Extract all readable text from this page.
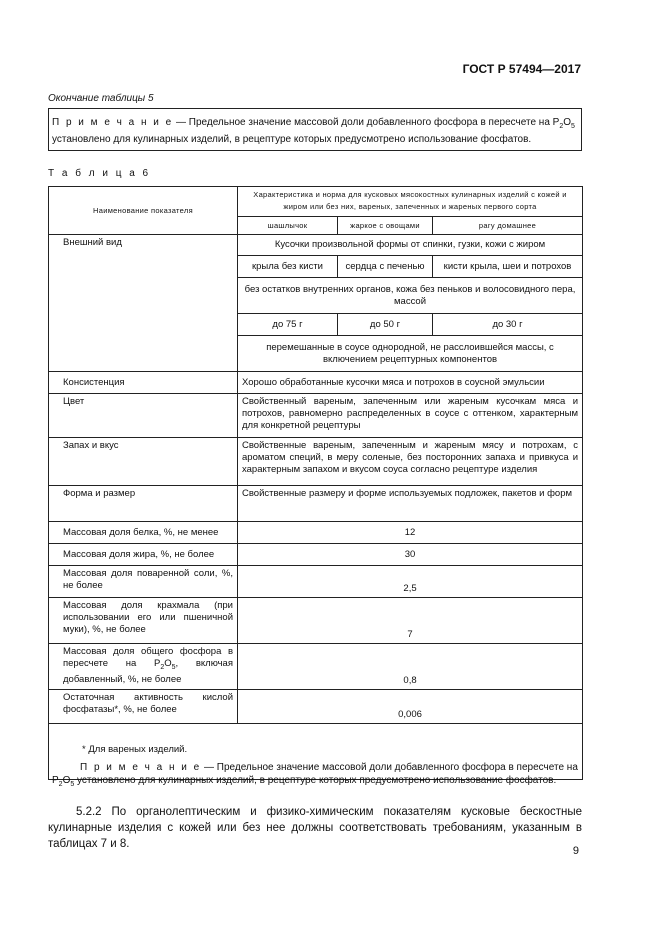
ГОСТ Р 57494—2017
Окончание таблицы 5
П р и м е ч а н и е — Предельное значение массовой доли добавленного фосфора в пересчете на $P_2O_5$ установлено для кулинарных изделий, в рецептуре которых предусмотрено использование фосфатов.
Т а б л и ц а 6
Наименование показателя	Характеристика и норма для кусковых мясокостных кулинарных изделий с кожей и жиром или без них, вареных, запеченных и жареных первого сорта		
	шашлычок	жаркое с овощами	рагу домашнее
Внешний вид	Кусочки произвольной формы от спинки, гузки, кожи с жиром		
	крыла без кисти	сердца с печенью	кисти крыла, шеи и потрохов
	без остатков внутренних органов, кожа без пеньков и волосовидного пера, массой		
	до 75 г	до 50 г	до 30 г
	перемешанные в соусе однородной, не расслоившейся массы, с включением рецептурных компонентов		
Консистенция	Хорошо обработанные кусочки мяса и потрохов в соусной эмульсии		
Цвет	Свойственный вареным, запеченным или жареным кусочкам мяса и потрохов, равномерно распределенных в соусе с оттенком, характерным для конкретной рецептуры		
Запах и вкус	Свойственные вареным, запеченным и жареным мясу и потрохам, с ароматом специй, в меру соленые, без посторонних запаха и привкуса и характерным запахом и вкусом соуса согласно рецептуре изделия		
Форма и размер	Свойственные размеру и форме используемых подложек, пакетов и форм		
Массовая доля белка, %, не менее	12		
Массовая доля жира, %, не более	30		
Массовая доля поваренной соли, %, не более	2,5		
Массовая доля крахмала (при использовании его или пшеничной муки), %, не более	7		
Массовая доля общего фосфора в пересчете на $P_2O_5$, включая добавленный, %, не более	0,8		
Остаточная активность кислой фосфатазы*, %, не более	0,006		

* Для вареных изделий.
П р и м е ч а н и е — Предельное значение массовой доли добавленного фосфора в пересчете на $P_2O_5$ установлено для кулинарных изделий, в рецептуре которых предусмотрено использование фосфатов.
5.2.2 По органолептическим и физико-химическим показателям кусковые бескостные кулинарные изделия с кожей или без нее должны соответствовать требованиям, указанным в таблицах 7 и 8.
9
